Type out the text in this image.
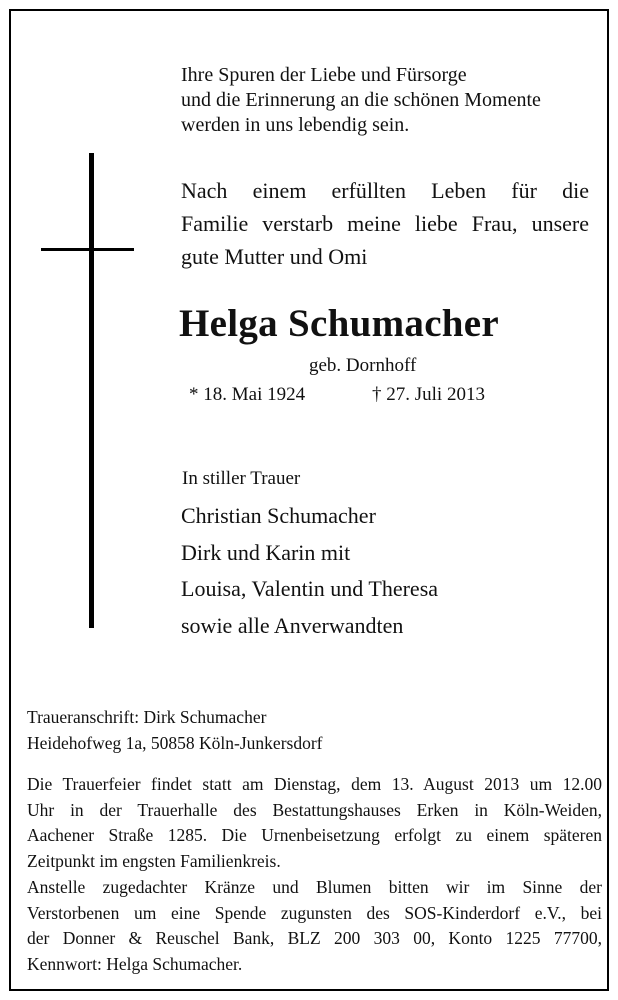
Ihre Spuren der Liebe und Fürsorge
und die Erinnerung an die schönen Momente
werden in uns lebendig sein.
Nach einem erfüllten Leben für die
Familie verstarb meine liebe Frau, unsere
gute Mutter und Omi
Helga Schumacher
geb. Dornhoff
* 18. Mai 1924	† 27. Juli 2013
In stiller Trauer
Christian Schumacher
Dirk und Karin mit
Louisa, Valentin und Theresa
sowie alle Anverwandten
Traueranschrift: Dirk Schumacher
Heidehofweg 1a, 50858 Köln-Junkersdorf
Die Trauerfeier findet statt am Dienstag, dem 13. August 2013 um 12.00
Uhr in der Trauerhalle des Bestattungshauses Erken in Köln-Weiden,
Aachener Straße 1285. Die Urnenbeisetzung erfolgt zu einem späteren
Zeitpunkt im engsten Familienkreis.
Anstelle zugedachter Kränze und Blumen bitten wir im Sinne der
Verstorbenen um eine Spende zugunsten des SOS-Kinderdorf e.V., bei
der Donner & Reuschel Bank, BLZ 200 303 00, Konto 1225 77700,
Kennwort: Helga Schumacher.
